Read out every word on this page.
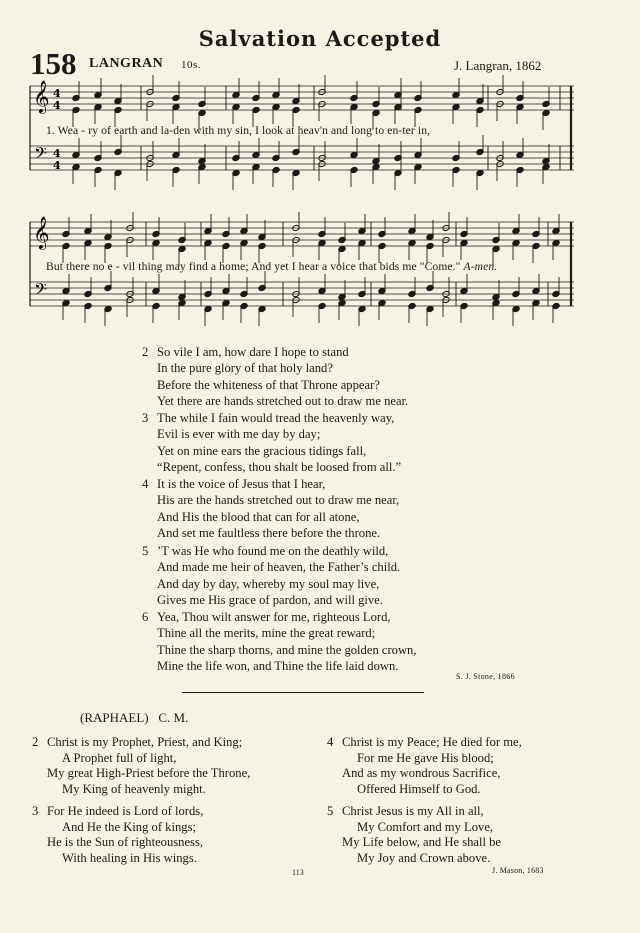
Salvation Accepted
158 LANGRAN 10s.	J. Langran, 1862
𝄞
𝄢
4
4
4
4
1. Wea - ry of earth and la-den with my sin, I look at heav'n and long to en-ter in,
𝄞
𝄢
But there no e - vil thing may find a home; And yet I hear a voice that bids me "Come." A-men.
2 So vile I am, how dare I hope to stand
In the pure glory of that holy land?
Before the whiteness of that Throne appear?
Yet there are hands stretched out to draw me near.
3 The while I fain would tread the heavenly way,
Evil is ever with me day by day;
Yet on mine ears the gracious tidings fall,
“Repent, confess, thou shalt be loosed from all.”
4 It is the voice of Jesus that I hear,
His are the hands stretched out to draw me near,
And His the blood that can for all atone,
And set me faultless there before the throne.
5 ’T was He who found me on the deathly wild,
And made me heir of heaven, the Father’s child.
And day by day, whereby my soul may live,
Gives me His grace of pardon, and will give.
6 Yea, Thou wilt answer for me, righteous Lord,
Thine all the merits, mine the great reward;
Thine the sharp thorns, and mine the golden crown,
Mine the life won, and Thine the life laid down.
S. J. Stone, 1866
(RAPHAEL) C. M.
2 Christ is my Prophet, Priest, and King;
A Prophet full of light,
My great High-Priest before the Throne,
My King of heavenly might.
3 For He indeed is Lord of lords,
And He the King of kings;
He is the Sun of righteousness,
With healing in His wings.
4 Christ is my Peace; He died for me,
For me He gave His blood;
And as my wondrous Sacrifice,
Offered Himself to God.
5 Christ Jesus is my All in all,
My Comfort and my Love,
My Life below, and He shall be
My Joy and Crown above.
113	J. Mason, 1683
